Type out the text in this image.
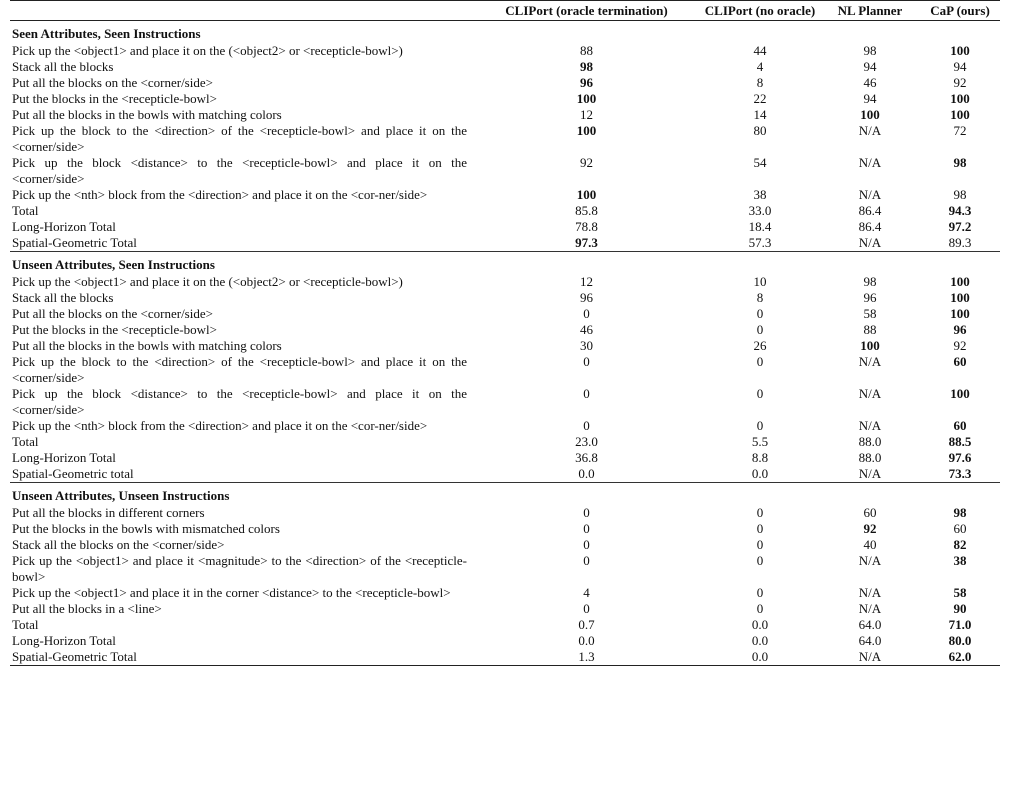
	CLIPort (oracle termination)	CLIPort (no oracle)	NL Planner	CaP (ours)
Seen Attributes, Seen Instructions				
Pick up the <object1> and place it on the (<object2> or <recepticle-bowl>)	88	44	98	100
Stack all the blocks	98	4	94	94
Put all the blocks on the <corner/side>	96	8	46	92
Put the blocks in the <recepticle-bowl>	100	22	94	100
Put all the blocks in the bowls with matching colors	12	14	100	100
Pick up the block to the <direction> of the <recepticle-bowl> and place it on the <corner/side>	100	80	N/A	72
Pick up the block <distance> to the <recepticle-bowl> and place it on the <corner/side>	92	54	N/A	98
Pick up the <nth> block from the <direction> and place it on the <cor-ner/side>	100	38	N/A	98
Total	85.8	33.0	86.4	94.3
Long-Horizon Total	78.8	18.4	86.4	97.2
Spatial-Geometric Total	97.3	57.3	N/A	89.3
Unseen Attributes, Seen Instructions				
Pick up the <object1> and place it on the (<object2> or <recepticle-bowl>)	12	10	98	100
Stack all the blocks	96	8	96	100
Put all the blocks on the <corner/side>	0	0	58	100
Put the blocks in the <recepticle-bowl>	46	0	88	96
Put all the blocks in the bowls with matching colors	30	26	100	92
Pick up the block to the <direction> of the <recepticle-bowl> and place it on the <corner/side>	0	0	N/A	60
Pick up the block <distance> to the <recepticle-bowl> and place it on the <corner/side>	0	0	N/A	100
Pick up the <nth> block from the <direction> and place it on the <cor-ner/side>	0	0	N/A	60
Total	23.0	5.5	88.0	88.5
Long-Horizon Total	36.8	8.8	88.0	97.6
Spatial-Geometric total	0.0	0.0	N/A	73.3
Unseen Attributes, Unseen Instructions				
Put all the blocks in different corners	0	0	60	98
Put the blocks in the bowls with mismatched colors	0	0	92	60
Stack all the blocks on the <corner/side>	0	0	40	82
Pick up the <object1> and place it <magnitude> to the <direction> of the <recepticle-bowl>	0	0	N/A	38
Pick up the <object1> and place it in the corner <distance> to the <recepticle-bowl>	4	0	N/A	58
Put all the blocks in a <line>	0	0	N/A	90
Total	0.7	0.0	64.0	71.0
Long-Horizon Total	0.0	0.0	64.0	80.0
Spatial-Geometric Total	1.3	0.0	N/A	62.0
